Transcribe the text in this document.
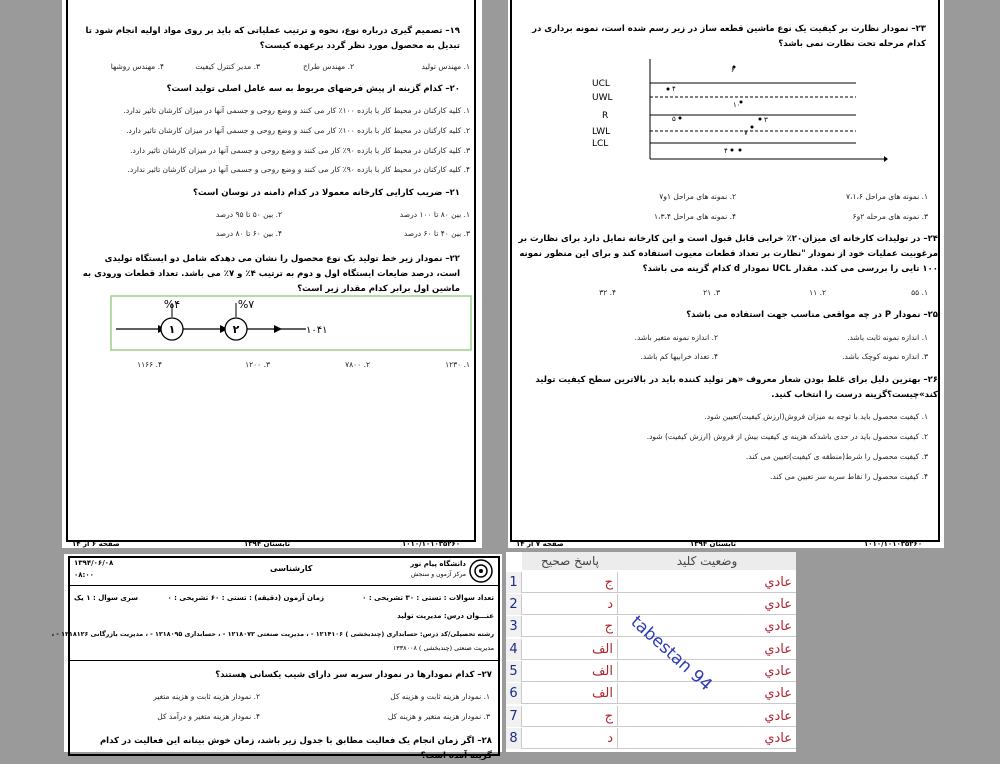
۱۹– تصمیم گیری درباره نوع، نحوه و ترتیب عملیاتی که باید بر روی مواد اولیه انجام شود تا تبدیل به محصول مورد نظر گردد برعهده کیست؟
۱. مهندس تولید
۲. مهندس طراح
۳. مدیر کنترل کیفیت
۴. مهندس روشها
۲۰– کدام گزینه از پیش فرضهای مربوط به سه عامل اصلی تولید است؟
۱. کلیه کارکنان در محیط کار با بازده ۱۰۰٪ کار می کنند و وضع روحی و جسمی آنها در میزان کارشان تاثیر ندارد.
۲. کلیه کارکنان در محیط کار با بازده ۱۰۰٪ کار می کنند و وضع روحی و جسمی آنها در میزان کارشان تاثیر دارد.
۳. کلیه کارکنان در محیط کار با بازده ۹۰٪ کار می کنند و وضع روحی و جسمی آنها در میزان کارشان تاثیر دارد.
۴. کلیه کارکنان در محیط کار با بازده ۹۰٪ کار می کنند و وضع روحی و جسمی آنها در میزان کارشان تاثیر ندارد.
۲۱– ضریب کارایی کارخانه معمولا در کدام دامنه در نوسان است؟
۱. بین ۸۰ تا ۱۰۰ درصد
۲. بین ۵۰ تا ۹۵ درصد
۳. بین ۴۰ تا ۶۰ درصد
۴. بین ۶۰ تا ۸۰ درصد
۲۲– نمودار زیر خط تولید یک نوع محصول را نشان می دهدکه شامل دو ایستگاه تولیدی است، درصد ضایعات ایستگاه اول و دوم به ترتیب ۴٪ و ۷٪ می باشد. تعداد قطعات ورودی به ماشین اول برابر کدام مقدار زیر است؟
%۴	%۷
۱	۲	۱۰۴۱
۱. ۱۲۳۰
۲. ۷۸۰۰
۳. ۱۲۰۰
۴. ۱۱۶۶
صفحه ۶ از ۱۴	تابستان ۱۳۹۴	۱۰۱۰/۱۰۱۰۳۵۲۶۰
۲۳– نمودار نظارت بر کیفیت یک نوع ماشین قطعه ساز در زیر رسم شده است، نمونه برداری در کدام مرحله تحت نظارت نمی باشد؟
UCL
UWL
R
LWL
LCL
۶
۴
۱۰
۵	۳
۷
۴
۱. نمونه های مراحل ۷،۱،۶
۲. نمونه های مراحل ۱و۷
۳. نمونه های مرحله ۲و۶
۴. نمونه های مراحل ۱،۳،۴
۲۴– در تولیدات کارخانه ای میزان۲۰٪ خرابی قابل قبول است و این کارخانه تمایل دارد برای نظارت بر مرغوبیت عملیات خود از نمودار "نظارت بر تعداد قطعات معیوب استفاده کند و برای این منظور نمونه ۱۰۰ تایی را بررسی می کند. مقدار UCL نمودار d کدام گزینه می باشد؟
۱. ۵۵
۲. ۱۱
۳. ۲۱
۴. ۳۲
۲۵– نمودار P در چه مواقعی مناسب جهت استفاده می باشد؟
۱. اندازه نمونه ثابت باشد.
۲. اندازه نمونه متغیر باشد.
۳. اندازه نمونه کوچک باشد.
۴. تعداد خرابیها کم باشد.
۲۶– بهترین دلیل برای غلط بودن شعار معروف «هر تولید کننده باید در بالاترین سطح کیفیت تولید کند»چیست؟گزینه درست را انتخاب کنید.
۱. کیفیت محصول باید با توجه به میزان فروش(ارزش کیفیت)تعیین شود.
۲. کیفیت محصول باید در حدی باشدکه هزینه ی کیفیت بیش از فروش (ارزش کیفیت) شود.
۳. کیفیت محصول را شرط(منطقه ی کیفیت)تعیین می کند.
۴. کیفیت محصول را نقاط سربه سر تعیین می کند.
صفحه ۷ از ۱۴	تابستان ۱۳۹۴	۱۰۱۰/۱۰۱۰۳۵۲۶۰
دانشگاه پیام نور
مرکز آزمون و سنجش
کارشناسی
۱۳۹۴/۰۶/۰۸
۰۸:۰۰
تعداد سوالات : تستی : ۳۰ تشریحی : ۰
زمان آزمون (دقیقه) : تستی : ۶۰ تشریحی : ۰
سری سوال : ۱ یک
عنـــوان درس: مدیریت تولید
رشته تحصیلی/کد درس: حسابداری (چندبخشی ) ۱۲۱۴۱۰۶ - ، مدیریت صنعتی ۱۲۱۸۰۷۲ - ، حسابداری ۱۲۱۸۰۹۵ - ، مدیریت بازرگانی ۱۲۱۸۱۲۶ - ،
مدیریت صنعتی (چندبخشی ) ۱۳۳۸۰۰۸
۲۷– کدام نمودارها در نمودار سربه سر دارای شیب یکسانی هستند؟
۱. نمودار هزینه ثابت و هزینه کل
۲. نمودار هزینه ثابت و هزینه متغیر
۳. نمودار هزینه متغیر و هزینه کل
۴. نمودار هزینه متغیر و درآمد کل
۲۸– اگر زمان انجام یک فعالیت مطابق با جدول زیر باشد، زمان خوش بینانه این فعالیت در کدام گزینه آمده است؟
پاسخ صحيح	وضعيت كليد
1	ج	عادي
2	د	عادي
3	ج	عادي
4	الف	عادي
5	الف	عادي
6	الف	عادي
7	ج	عادي
8	د	عادي
tabestan 94
